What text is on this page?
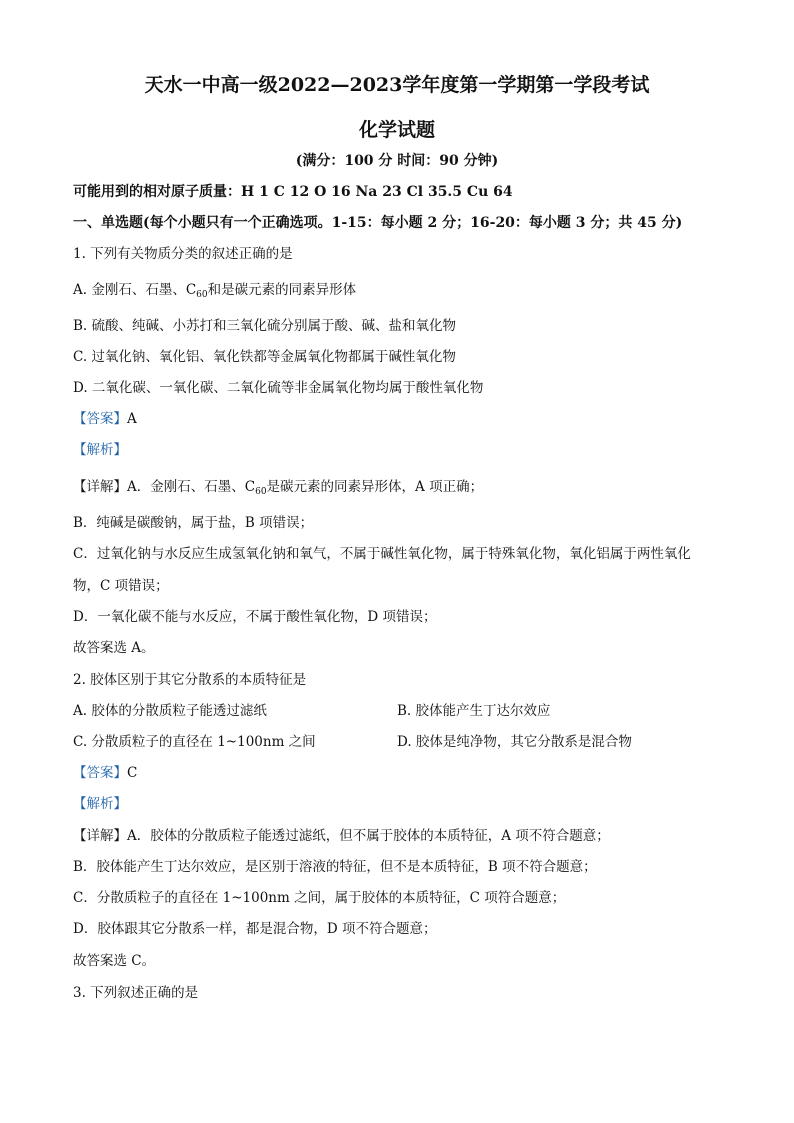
天水一中高一级2022—2023学年度第一学期第一学段考试
化学试题
(满分：100 分 时间：90 分钟)
可能用到的相对原子质量：H 1 C 12 O 16 Na 23 Cl 35.5 Cu 64
一、单选题(每个小题只有一个正确选项。1-15：每小题 2 分；16-20：每小题 3 分；共 45 分)
1. 下列有关物质分类的叙述正确的是
A. 金刚石、石墨、$C_{60}$和是碳元素的同素异形体
B. 硫酸、纯碱、小苏打和三氧化硫分别属于酸、碱、盐和氧化物
C. 过氧化钠、氧化铝、氧化铁都等金属氧化物都属于碱性氧化物
D. 二氧化碳、一氧化碳、二氧化硫等非金属氧化物均属于酸性氧化物
【答案】A
【解析】
【详解】A．金刚石、石墨、$C_{60}$是碳元素的同素异形体，A 项正确；
B．纯碱是碳酸钠，属于盐，B 项错误；
C．过氧化钠与水反应生成氢氧化钠和氧气，不属于碱性氧化物，属于特殊氧化物，氧化铝属于两性氧化
物，C 项错误；
D．一氧化碳不能与水反应，不属于酸性氧化物，D 项错误；
故答案选 A。
2. 胶体区别于其它分散系的本质特征是
A. 胶体的分散质粒子能透过滤纸	B. 胶体能产生丁达尔效应
C. 分散质粒子的直径在 1~100nm 之间	D. 胶体是纯净物，其它分散系是混合物
【答案】C
【解析】
【详解】A．胶体的分散质粒子能透过滤纸，但不属于胶体的本质特征，A 项不符合题意；
B．胶体能产生丁达尔效应，是区别于溶液的特征，但不是本质特征，B 项不符合题意；
C．分散质粒子的直径在 1~100nm 之间，属于胶体的本质特征，C 项符合题意；
D．胶体跟其它分散系一样，都是混合物，D 项不符合题意；
故答案选 C。
3. 下列叙述正确的是
